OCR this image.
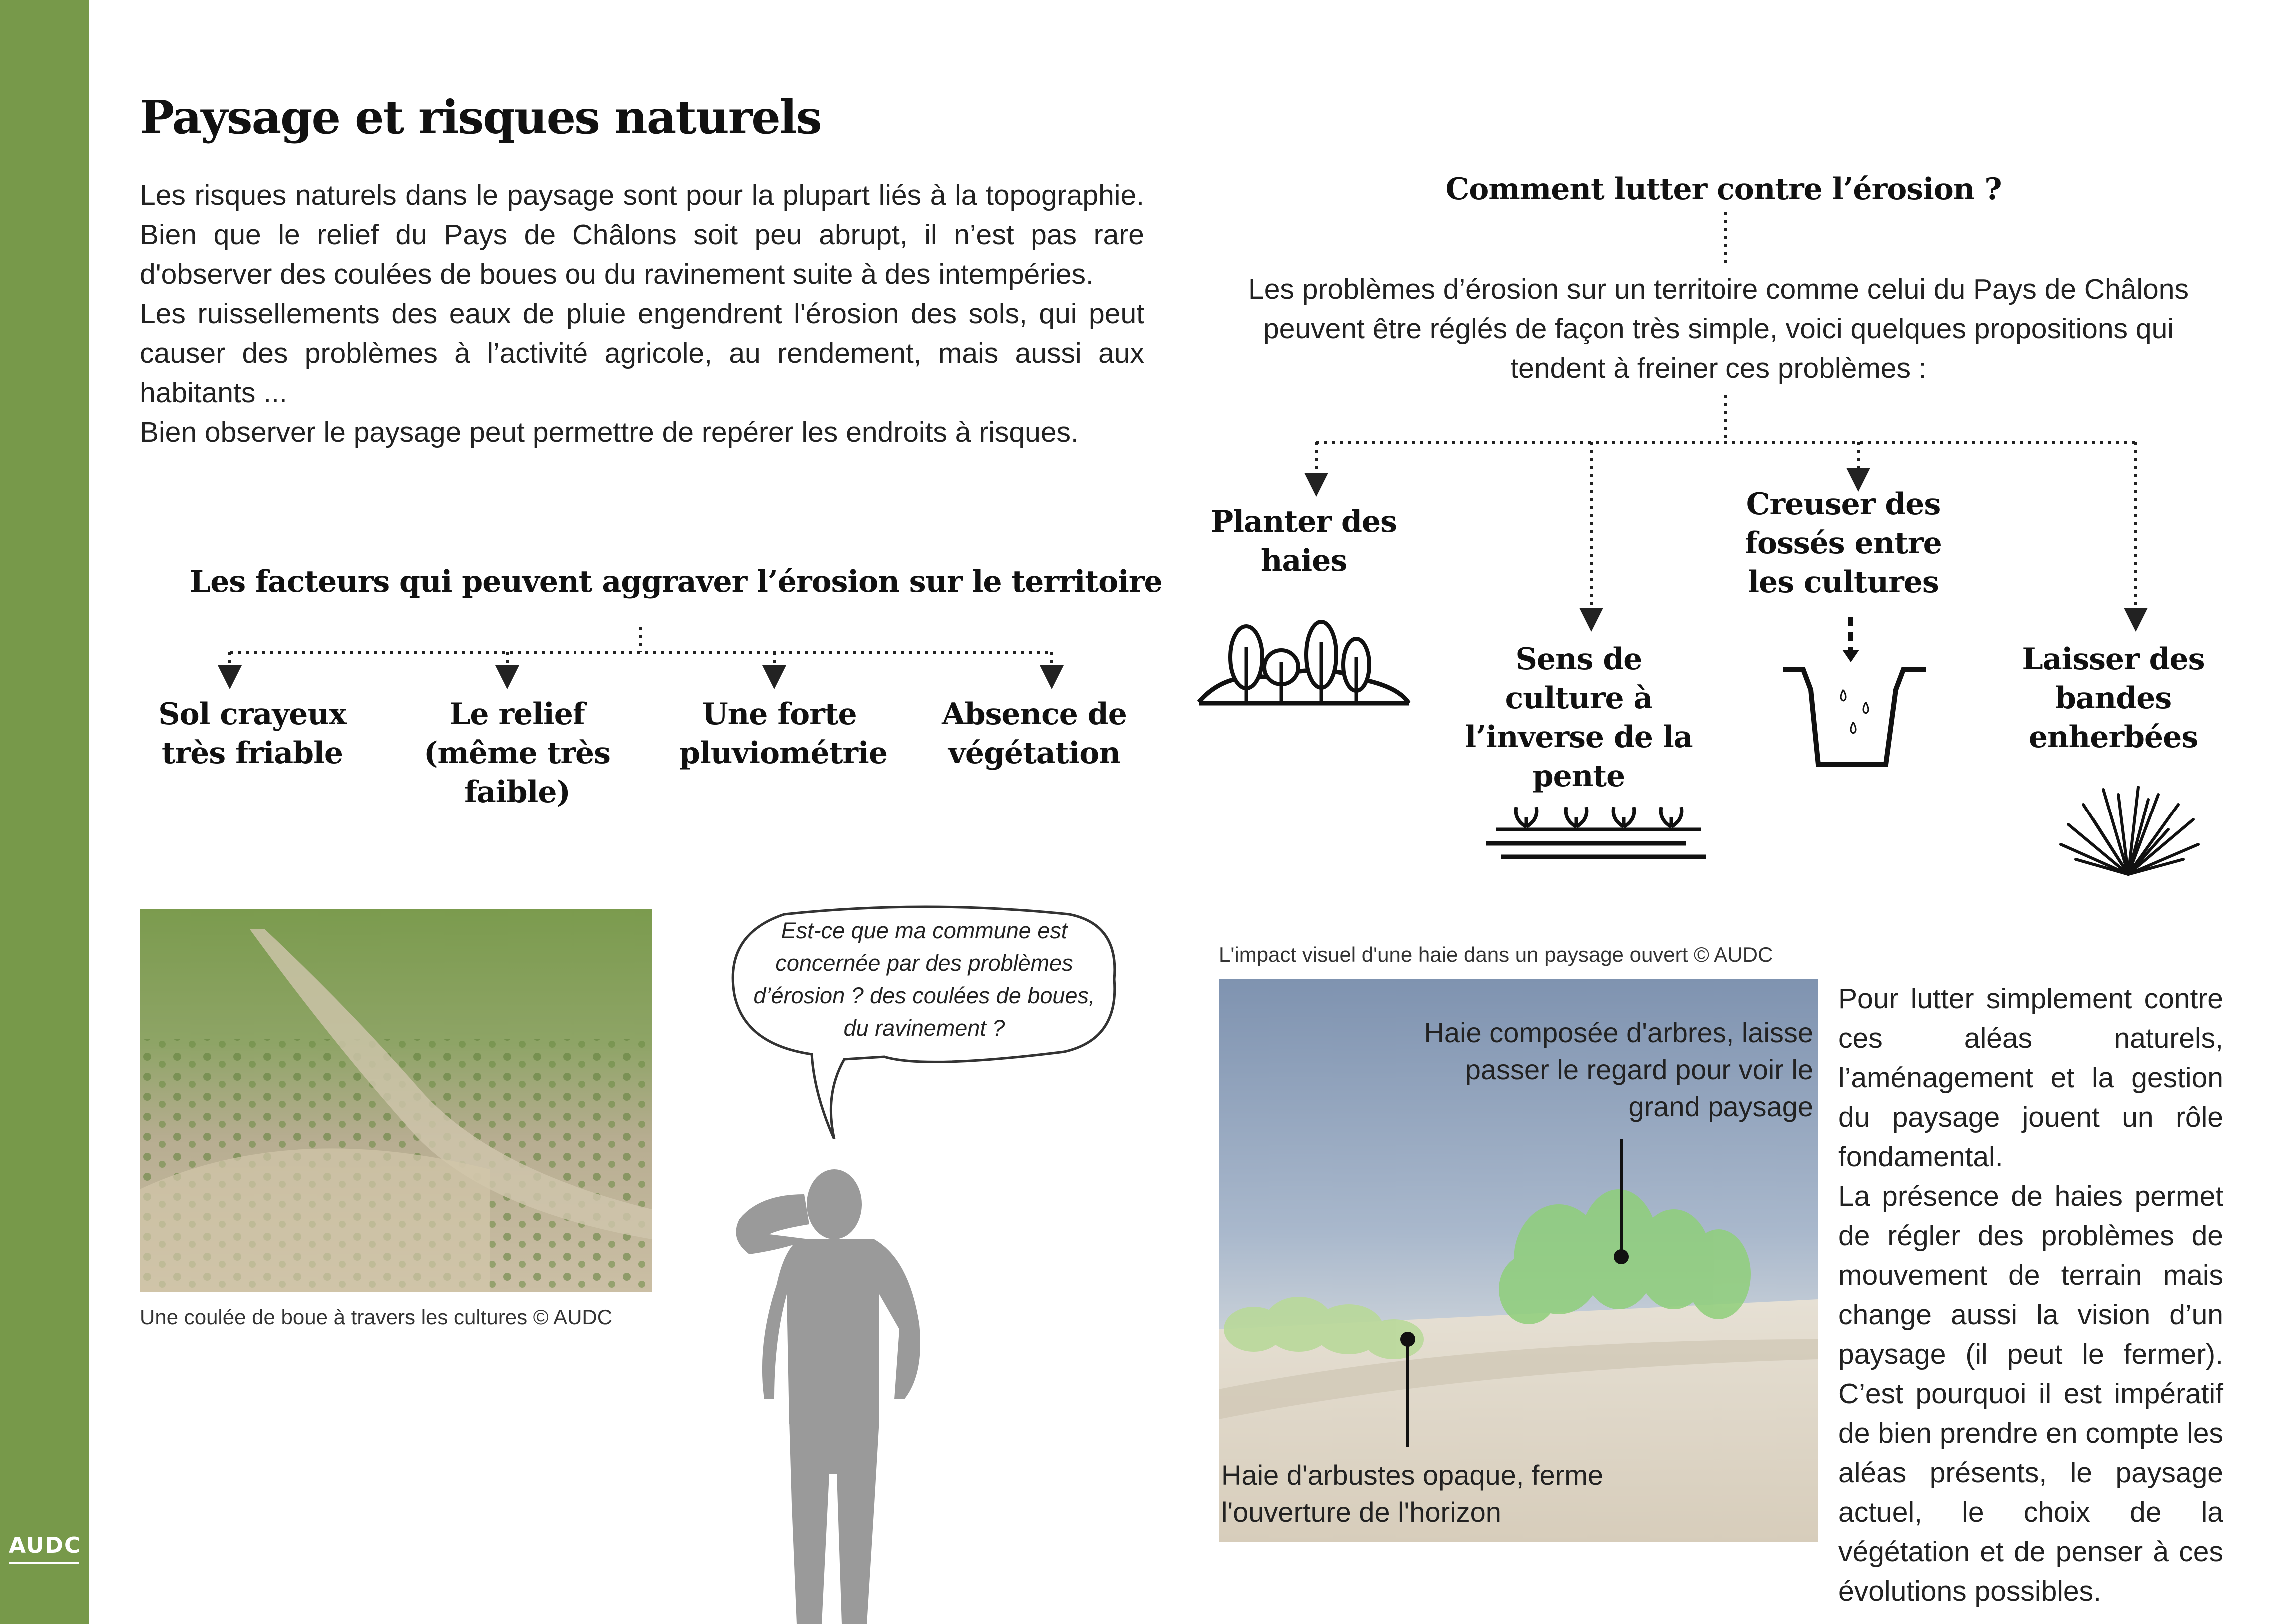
AUDC
Paysage et risques naturels

Les risques naturels dans le paysage sont pour la plupart liés à la topographie. Bien que le relief du Pays de Châlons soit peu abrupt, il n’est pas rare d'observer des coulées de boues ou du ravinement suite à des intempéries.

Les ruissellements des eaux de pluie engendrent l'érosion des sols, qui peut causer des problèmes à l’activité agricole, au rendement, mais aussi aux habitants ...

Bien observer le paysage peut permettre de repérer les endroits à risques.

Les facteurs qui peuvent aggraver l’érosion sur le territoire
Sol crayeux très friable
Le relief (même très faible)
Une forte pluviométrie
Absence de végétation
Comment lutter contre l’érosion ?
Les problèmes d’érosion sur un territoire comme celui du Pays de Châlons peuvent être réglés de façon très simple, voici quelques propositions qui tendent à freiner ces problèmes :
Planter des haies
Sens de culture à l’inverse de la pente
Creuser des fossés entre les cultures
Laisser des bandes enherbées
Une coulée de boue à travers les cultures © AUDC
Est-ce que ma commune est concernée par des problèmes d’érosion ? des coulées de boues, du ravinement ?
L'impact visuel d'une haie dans un paysage ouvert © AUDC
Haie composée d'arbres, laisse passer le regard pour voir le grand paysage
Haie d'arbustes opaque, ferme l'ouverture de l'horizon

Pour lutter simplement contre ces aléas naturels, l’aménagement et la gestion du paysage jouent un rôle fondamental.

La présence de haies permet de régler des problèmes de mouvement de terrain mais change aussi la vision d’un paysage (il peut le fermer). C’est pourquoi il est impératif de bien prendre en compte les aléas présents, le paysage actuel, le choix de la végétation et de penser à ces évolutions possibles.
